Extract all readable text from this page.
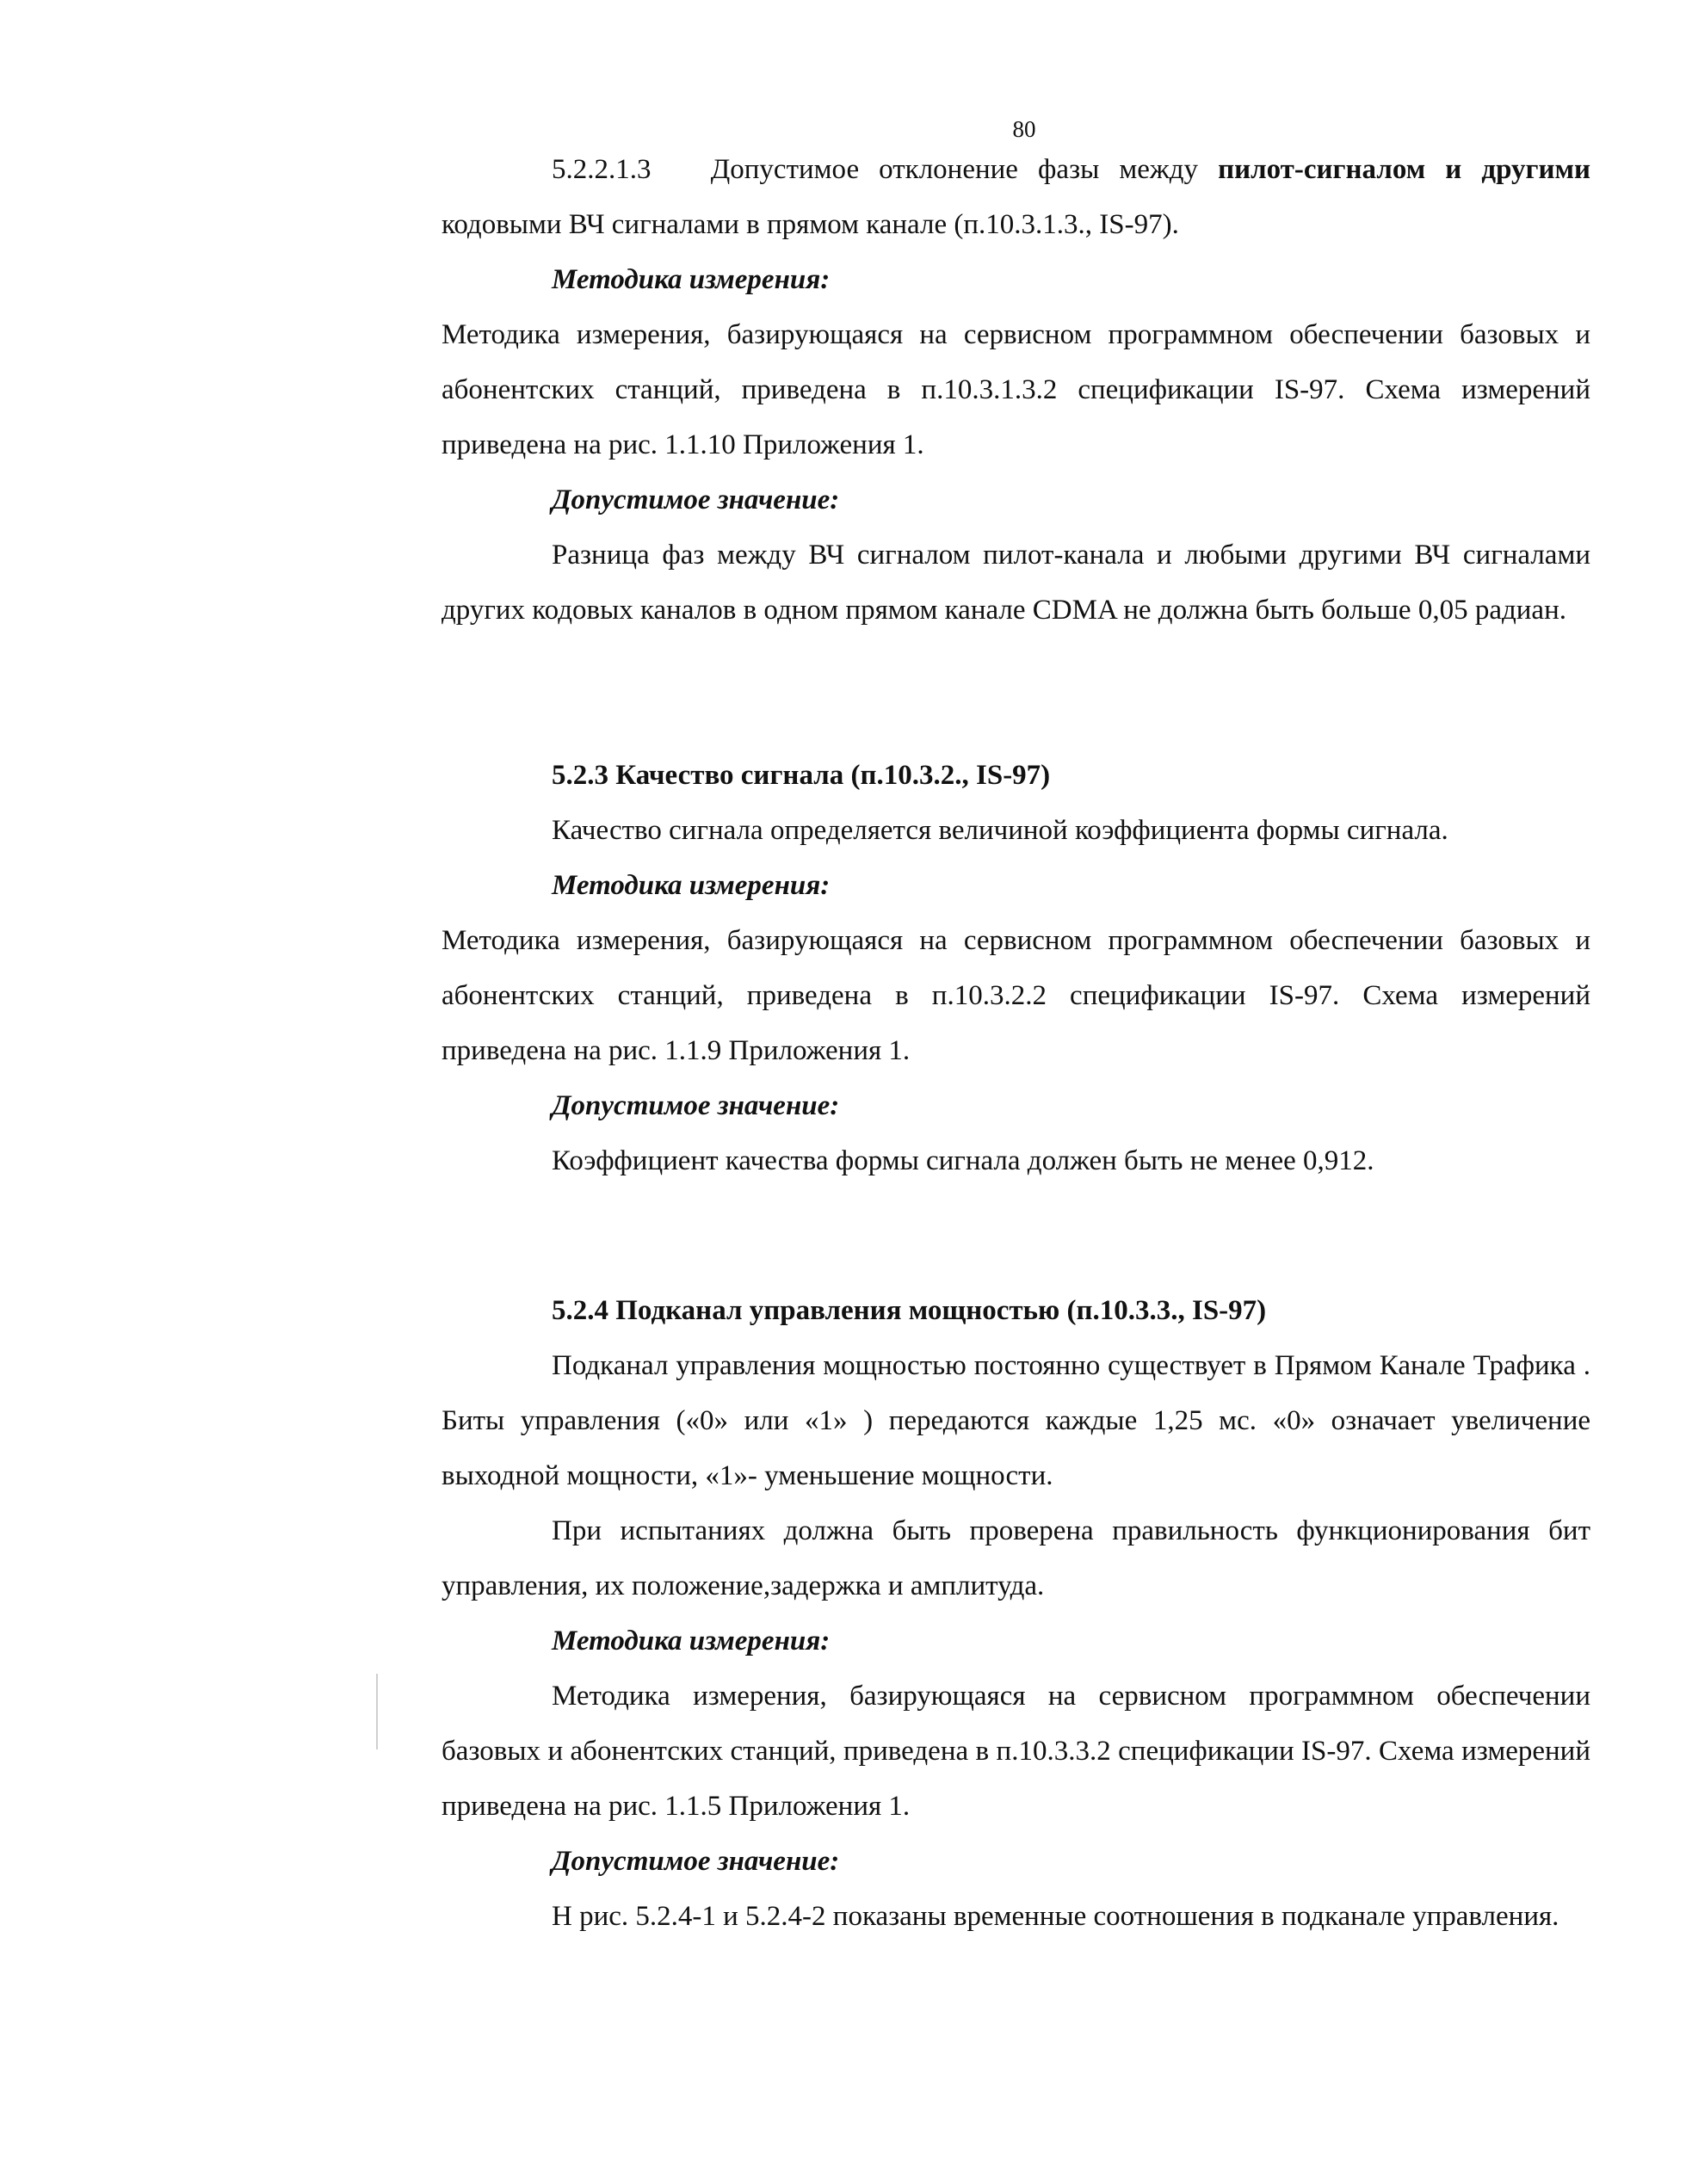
80

5.2.2.1.3 Допустимое отклонение фазы между пилот-сигналом и другими кодовыми ВЧ сигналами в прямом канале (п.10.3.1.3., IS-97).

Методика измерения:

Методика измерения, базирующаяся на сервисном программном обеспечении базовых и абонентских станций, приведена в п.10.3.1.3.2 спецификации IS-97. Схема измерений приведена на рис. 1.1.10 Приложения 1.

Допустимое значение:

Разница фаз между ВЧ сигналом пилот-канала и любыми другими ВЧ сигналами других кодовых каналов в одном прямом канале CDMA не должна быть больше 0,05 радиан.

5.2.3 Качество сигнала (п.10.3.2., IS-97)

Качество сигнала определяется величиной коэффициента формы сигнала.

Методика измерения:

Методика измерения, базирующаяся на сервисном программном обеспечении базовых и абонентских станций, приведена в п.10.3.2.2 спецификации IS-97. Схема измерений приведена на рис. 1.1.9 Приложения 1.

Допустимое значение:

Коэффициент качества формы сигнала должен быть не менее 0,912.

5.2.4 Подканал управления мощностью (п.10.3.3., IS-97)

Подканал управления мощностью постоянно существует в Прямом Канале Трафика . Биты управления («0» или «1» ) передаются каждые 1,25 мс. «0» означает увеличение выходной мощности, «1»- уменьшение мощности.

При испытаниях должна быть проверена правильность функционирования бит управления, их положение,задержка и амплитуда.

Методика измерения:

Методика измерения, базирующаяся на сервисном программном обеспечении базовых и абонентских станций, приведена в п.10.3.3.2 спецификации IS-97. Схема измерений приведена на рис. 1.1.5 Приложения 1.

Допустимое значение:

Н рис. 5.2.4-1 и 5.2.4-2 показаны временные соотношения в подканале управления.
